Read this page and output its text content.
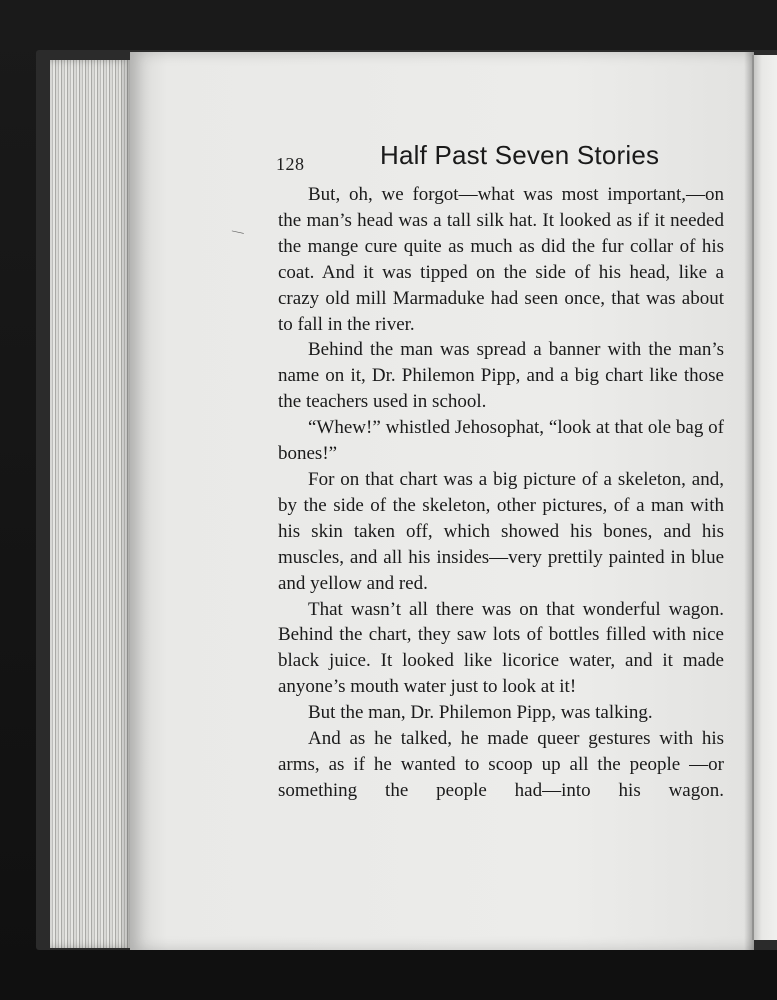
—
128	Half Past Seven Stories

But, oh, we forgot—what was most important,—on the man’s head was a tall silk hat. It looked as if it needed the mange cure quite as much as did the fur collar of his coat. And it was tipped on the side of his head, like a crazy old mill Marmaduke had seen once, that was about to fall in the river.

Behind the man was spread a banner with the man’s name on it, Dr. Philemon Pipp, and a big chart like those the teachers used in school.

“Whew!” whistled Jehosophat, “look at that ole bag of bones!”

For on that chart was a big picture of a skeleton, and, by the side of the skeleton, other pictures, of a man with his skin taken off, which showed his bones, and his muscles, and all his insides—very prettily painted in blue and yellow and red.

That wasn’t all there was on that wonderful wagon. Behind the chart, they saw lots of bottles filled with nice black juice. It looked like licorice water, and it made anyone’s mouth water just to look at it!

But the man, Dr. Philemon Pipp, was talking.

And as he talked, he made queer gestures with his arms, as if he wanted to scoop up all the people —or something the people had—into his wagon.
